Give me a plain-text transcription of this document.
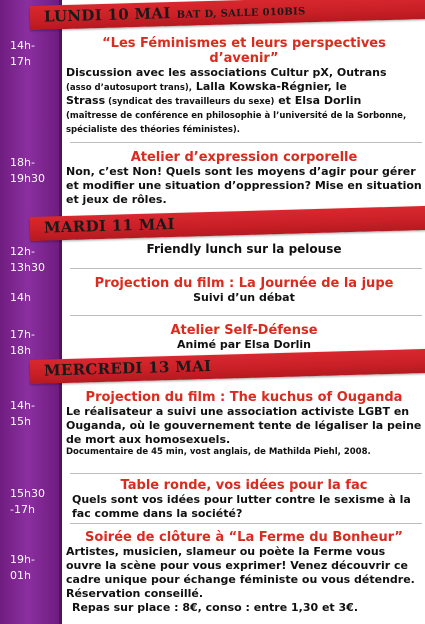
LUNDI 10 MAI BAT D, SALLE 010BIS
MARDI 11 MAI
MERCREDI 13 MAI
14h-
17h
18h-
19h30
12h-
13h30
14h
17h-
18h
14h-
15h
15h30
-17h
19h-
01h
“Les Féminismes et leurs perspectives d’avenir”
Discussion avec les associations Cultur pX, Outrans
(asso d’autosuport trans), Lalla Kowska-Régnier, le
Strass (syndicat des travailleurs du sexe) et Elsa Dorlin
(maîtresse de conférence en philosophie à l’université de la Sorbonne, spécialiste des théories féministes).
Atelier d’expression corporelle
Non, c’est Non! Quels sont les moyens d’agir pour gérer et modifier une situation d’oppression? Mise en situation et jeux de rôles.
Friendly lunch sur la pelouse
Projection du film : La Journée de la jupe
Suivi d’un débat
Atelier Self-Défense
Animé par Elsa Dorlin
Projection du film : The kuchus of Ouganda
Le réalisateur a suivi une association activiste LGBT en Ouganda, où le gouvernement tente de légaliser la peine de mort aux homosexuels.
Documentaire de 45 min, vost anglais, de Mathilda Piehl, 2008.
Table ronde, vos idées pour la fac
Quels sont vos idées pour lutter contre le sexisme à la fac comme dans la société?
Soirée de clôture à “La Ferme du Bonheur”
Artistes, musicien, slameur ou poète la Ferme vous ouvre la scène pour vous exprimer! Venez découvrir ce cadre unique pour échange féministe ou vous détendre. Réservation conseillé.
Repas sur place : 8€, conso : entre 1,30 et 3€.
